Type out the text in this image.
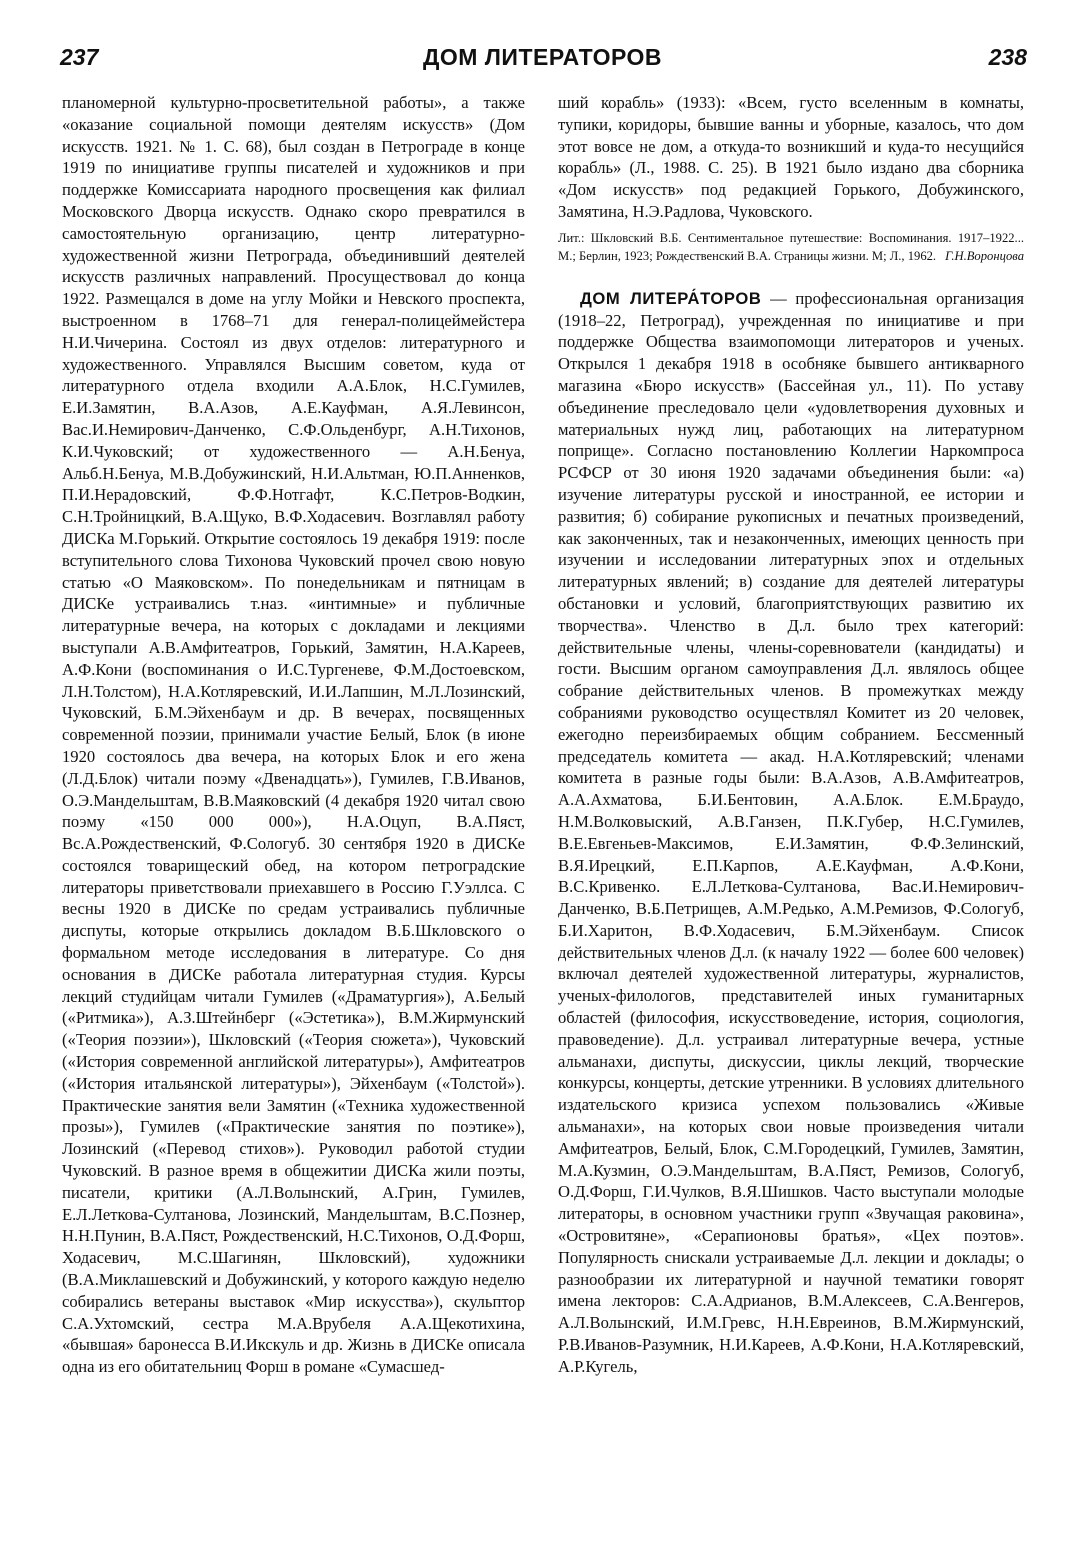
237	ДОМ ЛИТЕРАТОРОВ	238

планомерной культурно-просветительной работы», а также «оказание социальной помощи деятелям искусств» (Дом искусств. 1921. № 1. С. 68), был создан в Петрограде в конце 1919 по инициативе группы писателей и художников и при поддержке Комиссариата народного просвещения как филиал Московского Дворца искусств. Однако скоро превратился в самостоятельную организацию, центр литературно-художественной жизни Петрограда, объединивший деятелей искусств различных направлений. Просуществовал до конца 1922. Размещался в доме на углу Мойки и Невского проспекта, выстроенном в 1768–71 для генерал-полицеймейстера Н.И.Чичерина. Состоял из двух отделов: литературного и художественного. Управлялся Высшим советом, куда от литературного отдела входили А.А.Блок, Н.С.Гумилев, Е.И.Замятин, В.А.Азов, А.Е.Кауфман, А.Я.Левинсон, Вас.И.Немирович-Данченко, С.Ф.Ольденбург, А.Н.Тихонов, К.И.Чуковский; от художественного — А.Н.Бенуа, Альб.Н.Бенуа, М.В.Добужинский, Н.И.Альтман, Ю.П.Анненков, П.И.Нерадовский, Ф.Ф.Нотгафт, К.С.Петров-Водкин, С.Н.Тройницкий, В.А.Щуко, В.Ф.Ходасевич. Возглавлял работу ДИСКа М.Горький. Открытие состоялось 19 декабря 1919: после вступительного слова Тихонова Чуковский прочел свою новую статью «О Маяковском». По понедельникам и пятницам в ДИСКе устраивались т.наз. «интимные» и публичные литературные вечера, на которых с докладами и лекциями выступали А.В.Амфитеатров, Горький, Замятин, Н.А.Кареев, А.Ф.Кони (воспоминания о И.С.Тургеневе, Ф.М.Достоевском, Л.Н.Толстом), Н.А.Котляревский, И.И.Лапшин, М.Л.Лозинский, Чуковский, Б.М.Эйхенбаум и др. В вечерах, посвященных современной поэзии, принимали участие Белый, Блок (в июне 1920 состоялось два вечера, на которых Блок и его жена (Л.Д.Блок) читали поэму «Двенадцать»), Гумилев, Г.В.Иванов, О.Э.Мандельштам, В.В.Маяковский (4 декабря 1920 читал свою поэму «150 000 000»), Н.А.Оцуп, В.А.Пяст, Вс.А.Рождественский, Ф.Сологуб. 30 сентября 1920 в ДИСКе состоялся товарищеский обед, на котором петроградские литераторы приветствовали приехавшего в Россию Г.Уэллса. С весны 1920 в ДИСКе по средам устраивались публичные диспуты, которые открылись докладом В.Б.Шкловского о формальном методе исследования в литературе. Со дня основания в ДИСКе работала литературная студия. Курсы лекций студийцам читали Гумилев («Драматургия»), А.Белый («Ритмика»), А.З.Штейнберг («Эстетика»), В.М.Жирмунский («Теория поэзии»), Шкловский («Теория сюжета»), Чуковский («История современной английской литературы»), Амфитеатров («История итальянской литературы»), Эйхенбаум («Толстой»). Практические занятия вели Замятин («Техника художественной прозы»), Гумилев («Практические занятия по поэтике»), Лозинский («Перевод стихов»). Руководил работой студии Чуковский. В разное время в общежитии ДИСКа жили поэты, писатели, критики (А.Л.Волынский, А.Грин, Гумилев, Е.Л.Леткова-Султанова, Лозинский, Мандельштам, В.С.Познер, Н.Н.Пунин, В.А.Пяст, Рождественский, Н.С.Тихонов, О.Д.Форш, Ходасевич, М.С.Шагинян, Шкловский), художники (В.А.Миклашевский и Добужинский, у которого каждую неделю собирались ветераны выставок «Мир искусства»), скульптор С.А.Ухтомский, сестра М.А.Врубеля А.А.Щекотихина, «бывшая» баронесса В.И.Икскуль и др. Жизнь в ДИСКе описала одна из его обитательниц Форш в романе «Сумасшед-

ший корабль» (1933): «Всем, густо вселенным в комнаты, тупики, коридоры, бывшие ванны и уборные, казалось, что дом этот вовсе не дом, а откуда-то возникший и куда-то несущийся корабль» (Л., 1988. С. 25). В 1921 было издано два сборника «Дом искусств» под редакцией Горького, Добужинского, Замятина, Н.Э.Радлова, Чуковского.

Лит.: Шкловский В.Б. Сентиментальное путешествие: Воспоминания. 1917–1922... М.; Берлин, 1923; Рождественский В.А. Страницы жизни. М; Л., 1962. Г.Н.Воронцова

ДОМ ЛИТЕРА́ТОРОВ — профессиональная организация (1918–22, Петроград), учрежденная по инициативе и при поддержке Общества взаимопомощи литераторов и ученых. Открылся 1 декабря 1918 в особняке бывшего антикварного магазина «Бюро искусств» (Бассейная ул., 11). По уставу объединение преследовало цели «удовлетворения духовных и материальных нужд лиц, работающих на литературном поприще». Согласно постановлению Коллегии Наркомпроса РСФСР от 30 июня 1920 задачами объединения были: «а) изучение литературы русской и иностранной, ее истории и развития; б) собирание рукописных и печатных произведений, как законченных, так и незаконченных, имеющих ценность при изучении и исследовании литературных эпох и отдельных литературных явлений; в) создание для деятелей литературы обстановки и условий, благоприятствующих развитию их творчества». Членство в Д.л. было трех категорий: действительные члены, члены-соревнователи (кандидаты) и гости. Высшим органом самоуправления Д.л. являлось общее собрание действительных членов. В промежутках между собраниями руководство осуществлял Комитет из 20 человек, ежегодно переизбираемых общим собранием. Бессменный председатель комитета — акад. Н.А.Котляревский; членами комитета в разные годы были: В.А.Азов, А.В.Амфитеатров, А.А.Ахматова, Б.И.Бентовин, А.А.Блок. Е.М.Браудо, Н.М.Волковыский, А.В.Ганзен, П.К.Губер, Н.С.Гумилев, В.Е.Евгеньев-Максимов, Е.И.Замятин, Ф.Ф.Зелинский, В.Я.Ирецкий, Е.П.Карпов, А.Е.Кауфман, А.Ф.Кони, В.С.Кривенко. Е.Л.Леткова-Султанова, Вас.И.Немирович-Данченко, В.Б.Петрищев, А.М.Редько, А.М.Ремизов, Ф.Сологуб, Б.И.Харитон, В.Ф.Ходасевич, Б.М.Эйхенбаум. Список действительных членов Д.л. (к началу 1922 — более 600 человек) включал деятелей художественной литературы, журналистов, ученых-филологов, представителей иных гуманитарных областей (философия, искусствоведение, история, социология, правоведение). Д.л. устраивал литературные вечера, устные альманахи, диспуты, дискуссии, циклы лекций, творческие конкурсы, концерты, детские утренники. В условиях длительного издательского кризиса успехом пользовались «Живые альманахи», на которых свои новые произведения читали Амфитеатров, Белый, Блок, С.М.Городецкий, Гумилев, Замятин, М.А.Кузмин, О.Э.Мандельштам, В.А.Пяст, Ремизов, Сологуб, О.Д.Форш, Г.И.Чулков, В.Я.Шишков. Часто выступали молодые литераторы, в основном участники групп «Звучащая раковина», «Островитяне», «Серапионовы братья», «Цех поэтов». Популярность снискали устраиваемые Д.л. лекции и доклады; о разнообразии их литературной и научной тематики говорят имена лекторов: С.А.Адрианов, В.М.Алексеев, С.А.Венгеров, А.Л.Волынский, И.М.Гревс, Н.Н.Евреинов, В.М.Жирмунский, Р.В.Иванов-Разумник, Н.И.Кареев, А.Ф.Кони, Н.А.Котляревский, А.Р.Кугель,
